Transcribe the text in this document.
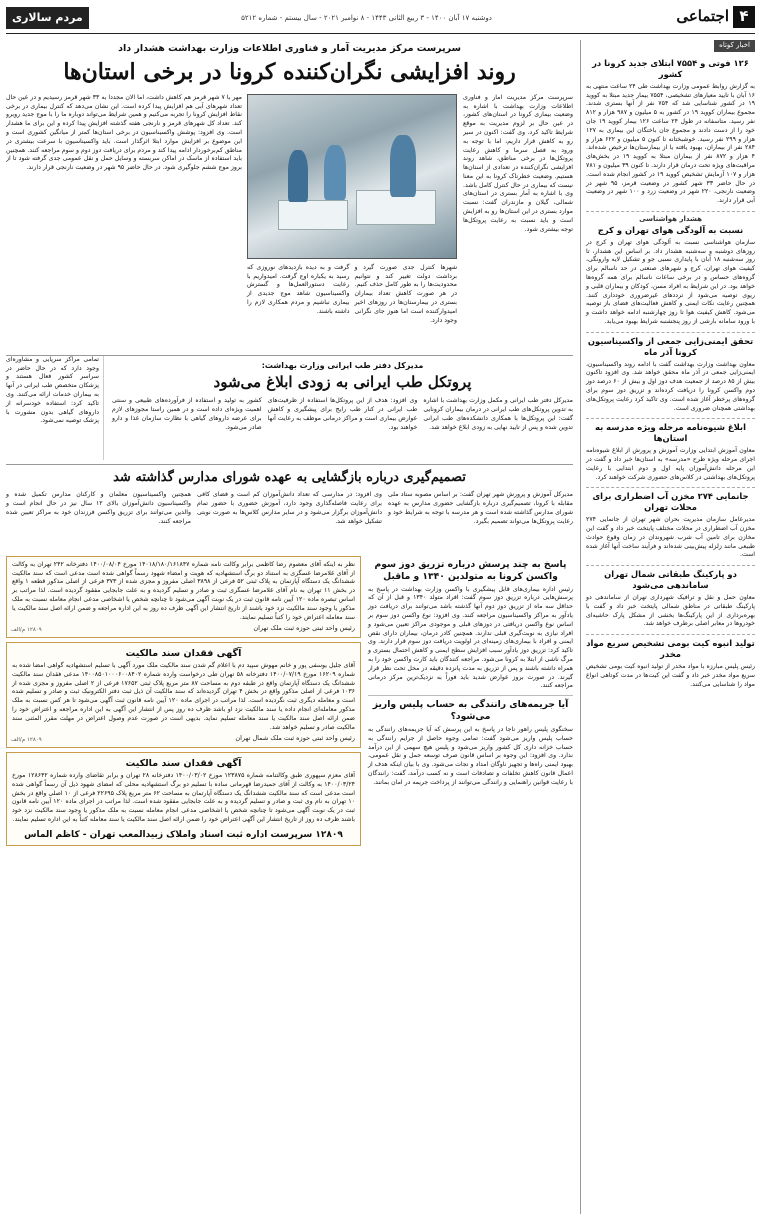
۴
اجتماعی
دوشنبه ۱۷ آبان ۱۴۰۰ - ۳ ربیع الثانی ۱۴۴۳ - ۸ نوامبر ۲۰۲۱ - سال بیستم - شماره ۵۲۱۲
مردم سالاری
اخبار کوتاه
۱۲۶ فوتی و ۷۵۵۴ ابتلای جدید کرونا در کشور

به گزارش روابط عمومی وزارت بهداشت طی ۲۴ ساعت منتهی به ۱۶ آبان با تایید معیارهای تشخیصی، ۷۵۵۴ بیمار جدید مبتلا به کووید ۱۹ در کشور شناسایی شد که ۷۵۴ نفر از آنها بستری شدند. مجموع بیماران کووید ۱۹ در کشور به ۵ میلیون و ۹۸۷ هزار و ۸۱۲ نفر رسید. متاسفانه در طول ۲۴ ساعت ۱۲۶ بیمار کووید ۱۹ جان خود را از دست دادند و مجموع جان باختگان این بیماری به ۱۲۷ هزار و ۲۹۹ نفر رسید. خوشبختانه تا کنون ۵ میلیون و ۶۲۲ هزار و ۲۸۴ نفر از بیماران، بهبود یافته یا از بیمارستان‌ها ترخیص شده‌اند. ۴ هزار و ۸۷۲ نفر از بیماران مبتلا به کووید ۱۹ در بخش‌های مراقبت‌های ویژه تحت درمان قرار دارند. تا کنون ۳۹ میلیون و ۷۸۱ هزار و ۱۰۷ آزمایش تشخیص کووید ۱۹ در کشور انجام شده است. در حال حاضر ۳۳ شهر کشور در وضعیت قرمز، ۹۵ شهر در وضعیت نارنجی، ۲۲۰ شهر در وضعیت زرد و ۱۰۰ شهر در وضعیت آبی قرار دارند.

هشدار هواشناسی
نسبت به آلودگی هوای تهران و کرج

سازمان هواشناسی نسبت به آلودگی هوای تهران و کرج در روزهای دوشنبه و سه‌شنبه هشدار داد. بر اساس این هشدار، تا روز سه‌شنبه ۱۸ آبان با پایداری نسبی جو و تشکیل لایه وارونگی، کیفیت هوای تهران، کرج و شهرهای صنعتی در حد ناسالم برای گروه‌های حساس و در برخی ساعات ناسالم برای همه گروه‌ها خواهد بود. در این شرایط به افراد مسن، کودکان و بیماران قلبی و ریوی توصیه می‌شود از ترددهای غیرضروری خودداری کنند. همچنین رعایت نکات ایمنی و کاهش فعالیت‌های فضای باز توصیه می‌شود. کاهش کیفیت هوا تا روز چهارشنبه ادامه خواهد داشت و با ورود سامانه بارشی از روز پنجشنبه شرایط بهبود می‌یابد.

تحقق ایمنی‌زایی جمعی از واکسیناسیون کرونا آذر ماه

معاون بهداشت وزارت بهداشت گفت با ادامه روند واکسیناسیون، ایمنی‌زایی جمعی در آذر ماه محقق خواهد شد. وی افزود تاکنون بیش از ۸۵ درصد از جمعیت هدف دوز اول و بیش از ۶۰ درصد دوز دوم واکسن کرونا را دریافت کرده‌اند و تزریق دوز سوم برای گروه‌های پرخطر آغاز شده است. وی تاکید کرد رعایت پروتکل‌های بهداشتی همچنان ضروری است.

ابلاغ شیوه‌نامه مرحله ویژه مدرسه به استان‌ها

معاون آموزش ابتدایی وزارت آموزش و پرورش از ابلاغ شیوه‌نامه اجرای مرحله ویژه طرح «مدرسه» به استان‌ها خبر داد و گفت در این مرحله دانش‌آموزان پایه اول و دوم ابتدایی با رعایت پروتکل‌های بهداشتی در کلاس‌های حضوری شرکت خواهند کرد.

جانمایی ۲۷۴ مخزن آب اضطراری برای محلات تهران

مدیرعامل سازمان مدیریت بحران شهر تهران از جانمایی ۲۷۴ مخزن آب اضطراری در محلات مختلف پایتخت خبر داد و گفت این مخازن برای تامین آب شرب شهروندان در زمان وقوع حوادث طبیعی مانند زلزله پیش‌بینی شده‌اند و فرآیند ساخت آنها آغاز شده است.

دو پارکینگ طبقاتی شمال تهران ساماندهی می‌شود

معاون حمل و نقل و ترافیک شهرداری تهران از ساماندهی دو پارکینگ طبقاتی در مناطق شمالی پایتخت خبر داد و گفت با بهره‌برداری از این پارکینگ‌ها بخشی از مشکل پارک حاشیه‌ای خودروها در معابر اصلی برطرف خواهد شد.

تولید انبوه کیت بومی تشخیص سریع مواد مخدر

رئیس پلیس مبارزه با مواد مخدر از تولید انبوه کیت بومی تشخیص سریع مواد مخدر خبر داد و گفت این کیت‌ها در مدت کوتاهی انواع مواد را شناسایی می‌کنند.

سرپرست مرکز مدیریت آمار و فناوری اطلاعات وزارت بهداشت هشدار داد
روند افزایشی نگران‌کننده کرونا در برخی استان‌ها

سرپرست مرکز مدیریت آمار و فناوری اطلاعات وزارت بهداشت با اشاره به وضعیت بیماری کرونا در استان‌های کشور، در عین حال بر لزوم مدیریت به موقع شرایط تاکید کرد. وی گفت: اکنون در سیر رو به کاهش قرار داریم، اما با توجه به ورود به فصل سرما و کاهش رعایت پروتکل‌ها در برخی مناطق، شاهد روند افزایشی نگران‌کننده در تعدادی از استان‌ها هستیم. وضعیت خطرناک کرونا به این معنا نیست که بیماری در حال کنترل کامل باشد. وی با اشاره به آمار بستری در استان‌های شمالی، گیلان و مازندران گفت: نسبت موارد بستری در این استان‌ها رو به افزایش است و باید نسبت به رعایت پروتکل‌ها توجه بیشتری شود.

شهرها کنترل جدی صورت گیرد و برداشت دولت تغییر کند و نتوانیم محدودیت‌ها را به طور کامل حذف کنیم. در هر صورت کاهش تعداد بیماران بستری در بیمارستان‌ها در روزهای اخیر امیدوارکننده است اما هنوز جای نگرانی وجود دارد.

گرفت و به دیده بازدیدهای نوروزی که رسید به یکباره اوج گرفت. امیدواریم با رعایت دستورالعمل‌ها و گسترش واکسیناسیون شاهد موج جدیدی از بیماری نباشیم و مردم همکاری لازم را داشته باشند.

مهر با ۷ شهر قرمز هم کاهش داشت، اما الان مجددا به ۳۳ شهر قرمز رسیدیم و در عین حال تعداد شهرهای آبی هم افزایش پیدا کرده است. این نشان می‌دهد که کنترل بیماری در برخی نقاط افزایش کرونا را تجربه می‌کنیم و همین شرایط می‌تواند دوباره ما را با موج جدید روبرو کند. تعداد کل شهرهای قرمز و نارنجی هفته گذشته افزایش پیدا کرده و این برای ما هشدار است. وی افزود: پوشش واکسیناسیون در برخی استان‌ها کمتر از میانگین کشوری است و این موضوع بر افزایش موارد ابتلا اثرگذار است. باید واکسیناسیون با سرعت بیشتری در مناطق کم‌برخوردار ادامه پیدا کند و مردم برای دریافت دوز دوم و سوم مراجعه کنند. همچنین باید استفاده از ماسک در اماکن سربسته و وسایل حمل و نقل عمومی جدی گرفته شود تا از بروز موج ششم جلوگیری شود. در حال حاضر ۹۵ شهر در وضعیت نارنجی قرار دارند.

تمامی مراکز سرپایی و مشاوره‌ای وجود دارد که در حال حاضر در سراسر کشور فعال هستند و پزشکان متخصص طب ایرانی در آنها به بیماران خدمات ارائه می‌کنند. وی تاکید کرد: استفاده خودسرانه از داروهای گیاهی بدون مشورت با پزشک توصیه نمی‌شود.

مدیرکل دفتر طب ایرانی وزارت بهداشت:
پروتکل طب ایرانی به زودی ابلاغ می‌شود

مدیرکل دفتر طب ایرانی و مکمل وزارت بهداشت با اشاره به تدوین پروتکل‌های طب ایرانی در درمان بیماران کرونایی گفت: این پروتکل‌ها با همکاری دانشکده‌های طب ایرانی تدوین شده و پس از تایید نهایی به زودی ابلاغ خواهد شد.

وی افزود: هدف از این پروتکل‌ها استفاده از ظرفیت‌های طب ایرانی در کنار طب رایج برای پیشگیری و کاهش عوارض بیماری است و مراکز درمانی موظف به رعایت آنها خواهند بود.

کشور به تولید و استفاده از فرآورده‌های طبیعی و سنتی اهمیت ویژه‌ای داده است و در همین راستا مجوزهای لازم برای عرضه داروهای گیاهی با نظارت سازمان غذا و دارو صادر می‌شود.

تصمیم‌گیری درباره بازگشایی به عهده شورای مدارس گذاشته شد

مدیرکل آموزش و پرورش شهر تهران گفت: بر اساس مصوبه ستاد ملی مقابله با کرونا، تصمیم‌گیری درباره بازگشایی حضوری مدارس به عهده شورای مدارس گذاشته شده است و هر مدرسه با توجه به شرایط خود و رعایت پروتکل‌ها می‌تواند تصمیم بگیرد.

وی افزود: در مدارسی که تعداد دانش‌آموزان کم است و فضای کافی برای رعایت فاصله‌گذاری وجود دارد، آموزش حضوری با حضور تمام دانش‌آموزان برگزار می‌شود و در سایر مدارس کلاس‌ها به صورت نوبتی تشکیل خواهد شد.

همچنین واکسیناسیون معلمان و کارکنان مدارس تکمیل شده و واکسیناسیون دانش‌آموزان بالای ۱۲ سال نیز در حال انجام است و والدین می‌توانند برای تزریق واکسن فرزندان خود به مراکز تعیین شده مراجعه کنند.

پاسخ به چند پرسش درباره تزریق دوز سوم واکسن کرونا به متولدین ۱۳۴۰ و ماقبل

رئیس اداره بیماری‌های قابل پیشگیری با واکسن وزارت بهداشت در پاسخ به پرسش‌هایی درباره تزریق دوز سوم گفت: افراد متولد ۱۳۴۰ و قبل از آن که حداقل سه ماه از تزریق دوز دوم آنها گذشته باشد می‌توانند برای دریافت دوز یادآور به مراکز واکسیناسیون مراجعه کنند. وی افزود: نوع واکسن دوز سوم بر اساس نوع واکسن دریافتی در دوزهای قبلی و موجودی مراکز تعیین می‌شود و افراد نیازی به نوبت‌گیری قبلی ندارند. همچنین کادر درمان، بیماران دارای نقص ایمنی و افراد با بیماری‌های زمینه‌ای در اولویت دریافت دوز سوم قرار دارند. وی تاکید کرد: تزریق دوز یادآور سبب افزایش سطح ایمنی و کاهش احتمال بستری و مرگ ناشی از ابتلا به کرونا می‌شود. مراجعه کنندگان باید کارت واکسن خود را به همراه داشته باشند و پس از تزریق به مدت پانزده دقیقه در محل تحت نظر قرار گیرند. در صورت بروز عوارض شدید باید فوراً به نزدیک‌ترین مرکز درمانی مراجعه کنند.

آیا جریمه‌های رانندگی به حساب پلیس واریز می‌شود؟

سخنگوی پلیس راهور ناجا در پاسخ به این پرسش که آیا جریمه‌های رانندگی به حساب پلیس واریز می‌شود گفت: تمامی وجوه حاصل از جرایم رانندگی به حساب خزانه داری کل کشور واریز می‌شود و پلیس هیچ سهمی از این درآمد ندارد. وی افزود: این وجوه بر اساس قانون صرف توسعه حمل و نقل عمومی، بهبود ایمنی راه‌ها و تجهیز ناوگان امداد و نجات می‌شود. وی با بیان اینکه هدف از اعمال قانون کاهش تخلفات و تصادفات است و نه کسب درآمد، گفت: رانندگان با رعایت قوانین راهنمایی و رانندگی می‌توانند از پرداخت جریمه در امان بمانند.

نظر به اینکه آقای معصوم رضا کاظمی برابر وکالت نامه شماره ۱۴۰۱۸/۱۸۰/۱۶۱۸۴۷ مورخ ۱۴۰۰/۰۸/۰۴ دفترخانه ۲۴۲ تهران به وکالت از آقای غلامرضا عسگری به استناد دو برگ استشهادیه که هویت و امضاء شهود رسماً گواهی شده است مدعی است که سند مالکیت ششدانگ یک دستگاه آپارتمان به پلاک ثبتی ۵۲ فرعی از ۳۸۹۸ اصلی مفروز و مجزی شده از ۳۷۳ فرعی از اصلی مذکور قطعه ۱ واقع در بخش ۱۱ تهران به نام آقای غلامرضا عسگری ثبت و صادر و تسلیم گردیده و به علت جابجایی مفقود گردیده است. لذا مراتب بر اساس تبصره ماده ۱۲۰ آیین نامه قانون ثبت در یک نوبت آگهی می‌شود تا چنانچه شخص یا اشخاصی مدعی انجام معامله نسبت به ملک مذکور یا وجود سند مالکیت نزد خود باشند از تاریخ انتشار این آگهی ظرف ده روز به این اداره مراجعه و ضمن ارائه اصل سند مالکیت یا سند معامله اعتراض خود را کتباً تسلیم نمایند.

رئیس واحد ثبتی حوزه ثبت ملک تهران
۱۲۸۰۹ م/الف
آگهی فقدان سند مالکیت

آقای جلیل یوسفی پور و خانم مهوش سپید دم با اعلام گم شدن سند مالکیت ملک مورد آگهی با تسلیم استشهادیه گواهی امضا شده به شماره ۱۶۲۰۹ مورخ ۱۴۰۰/۰۷/۱۹ دفترخانه ۵۸ تهران طی درخواست وارده شماره ۱۴۰۰۸۵۰۱۰۰۰۶۰۰۸۴۰۲ مدعی فقدان سند مالکیت ششدانگ یک دستگاه آپارتمان واقع در طبقه دوم به مساحت ۸۷ متر مربع پلاک ثبتی ۱۷۶۵۲ فرعی از ۲ اصلی مفروز و مجزی شده از ۱۰۳۶ فرعی از اصلی مذکور واقع در بخش ۴ تهران گردیده‌اند که سند مالکیت آن ذیل ثبت دفتر الکترونیک ثبت و صادر و تسلیم شده است و معامله دیگری ثبت نگردیده است. لذا مراتب در اجرای ماده ۱۲۰ آیین نامه قانون ثبت آگهی می‌شود تا هر کس نسبت به ملک مذکور معامله‌ای انجام داده یا سند مالکیت نزد او باشد ظرف ده روز پس از انتشار این آگهی به این اداره مراجعه و اعتراض خود را ضمن ارائه اصل سند مالکیت یا سند معامله تسلیم نماید. بدیهی است در صورت عدم وصول اعتراض در مهلت مقرر المثنی سند مالکیت صادر و تسلیم خواهد شد.

رئیس واحد ثبتی حوزه ثبت ملک شمال تهران
۱۲۸۰۹ م/الف
آگهی فقدان سند مالکیت

آقای معزم سپهوری طبق وکالتنامه شماره ۱۲۳۸۷۵ مورخ ۱۴۰۰/۰۳/۰۲ دفترخانه ۲۸ تهران و برابر تقاضای وارده شماره ۱۲۸۶۴۲ مورخ ۱۴۰۰/۰۳/۲۴ به وکالت از آقای حمیدرضا قهرمانی ساده با تسلیم دو برگ استشهادیه محلی که امضای شهود ذیل آن رسماً گواهی شده است مدعی است که سند مالکیت ششدانگ یک دستگاه آپارتمان به مساحت ۶۲ متر مربع پلاک ۲۲۶۹۵ فرعی از ۱۰ اصلی واقع در بخش ۱۰ تهران به نام وی ثبت و صادر و تسلیم گردیده و به علت جابجایی مفقود شده است. لذا مراتب در اجرای ماده ۱۲۰ آیین نامه قانون ثبت در یک نوبت آگهی می‌شود تا چنانچه شخص یا اشخاصی مدعی انجام معامله نسبت به ملک مذکور یا وجود سند مالکیت نزد خود باشند ظرف ده روز از تاریخ انتشار این آگهی اعتراض خود را ضمن ارائه اصل سند مالکیت یا سند معامله کتباً به این اداره تسلیم نمایند.

۱۲۸۰۹ سرپرست اداره ثبت اسناد واملاک زبیدالمعب تهران - کاظم الماس
